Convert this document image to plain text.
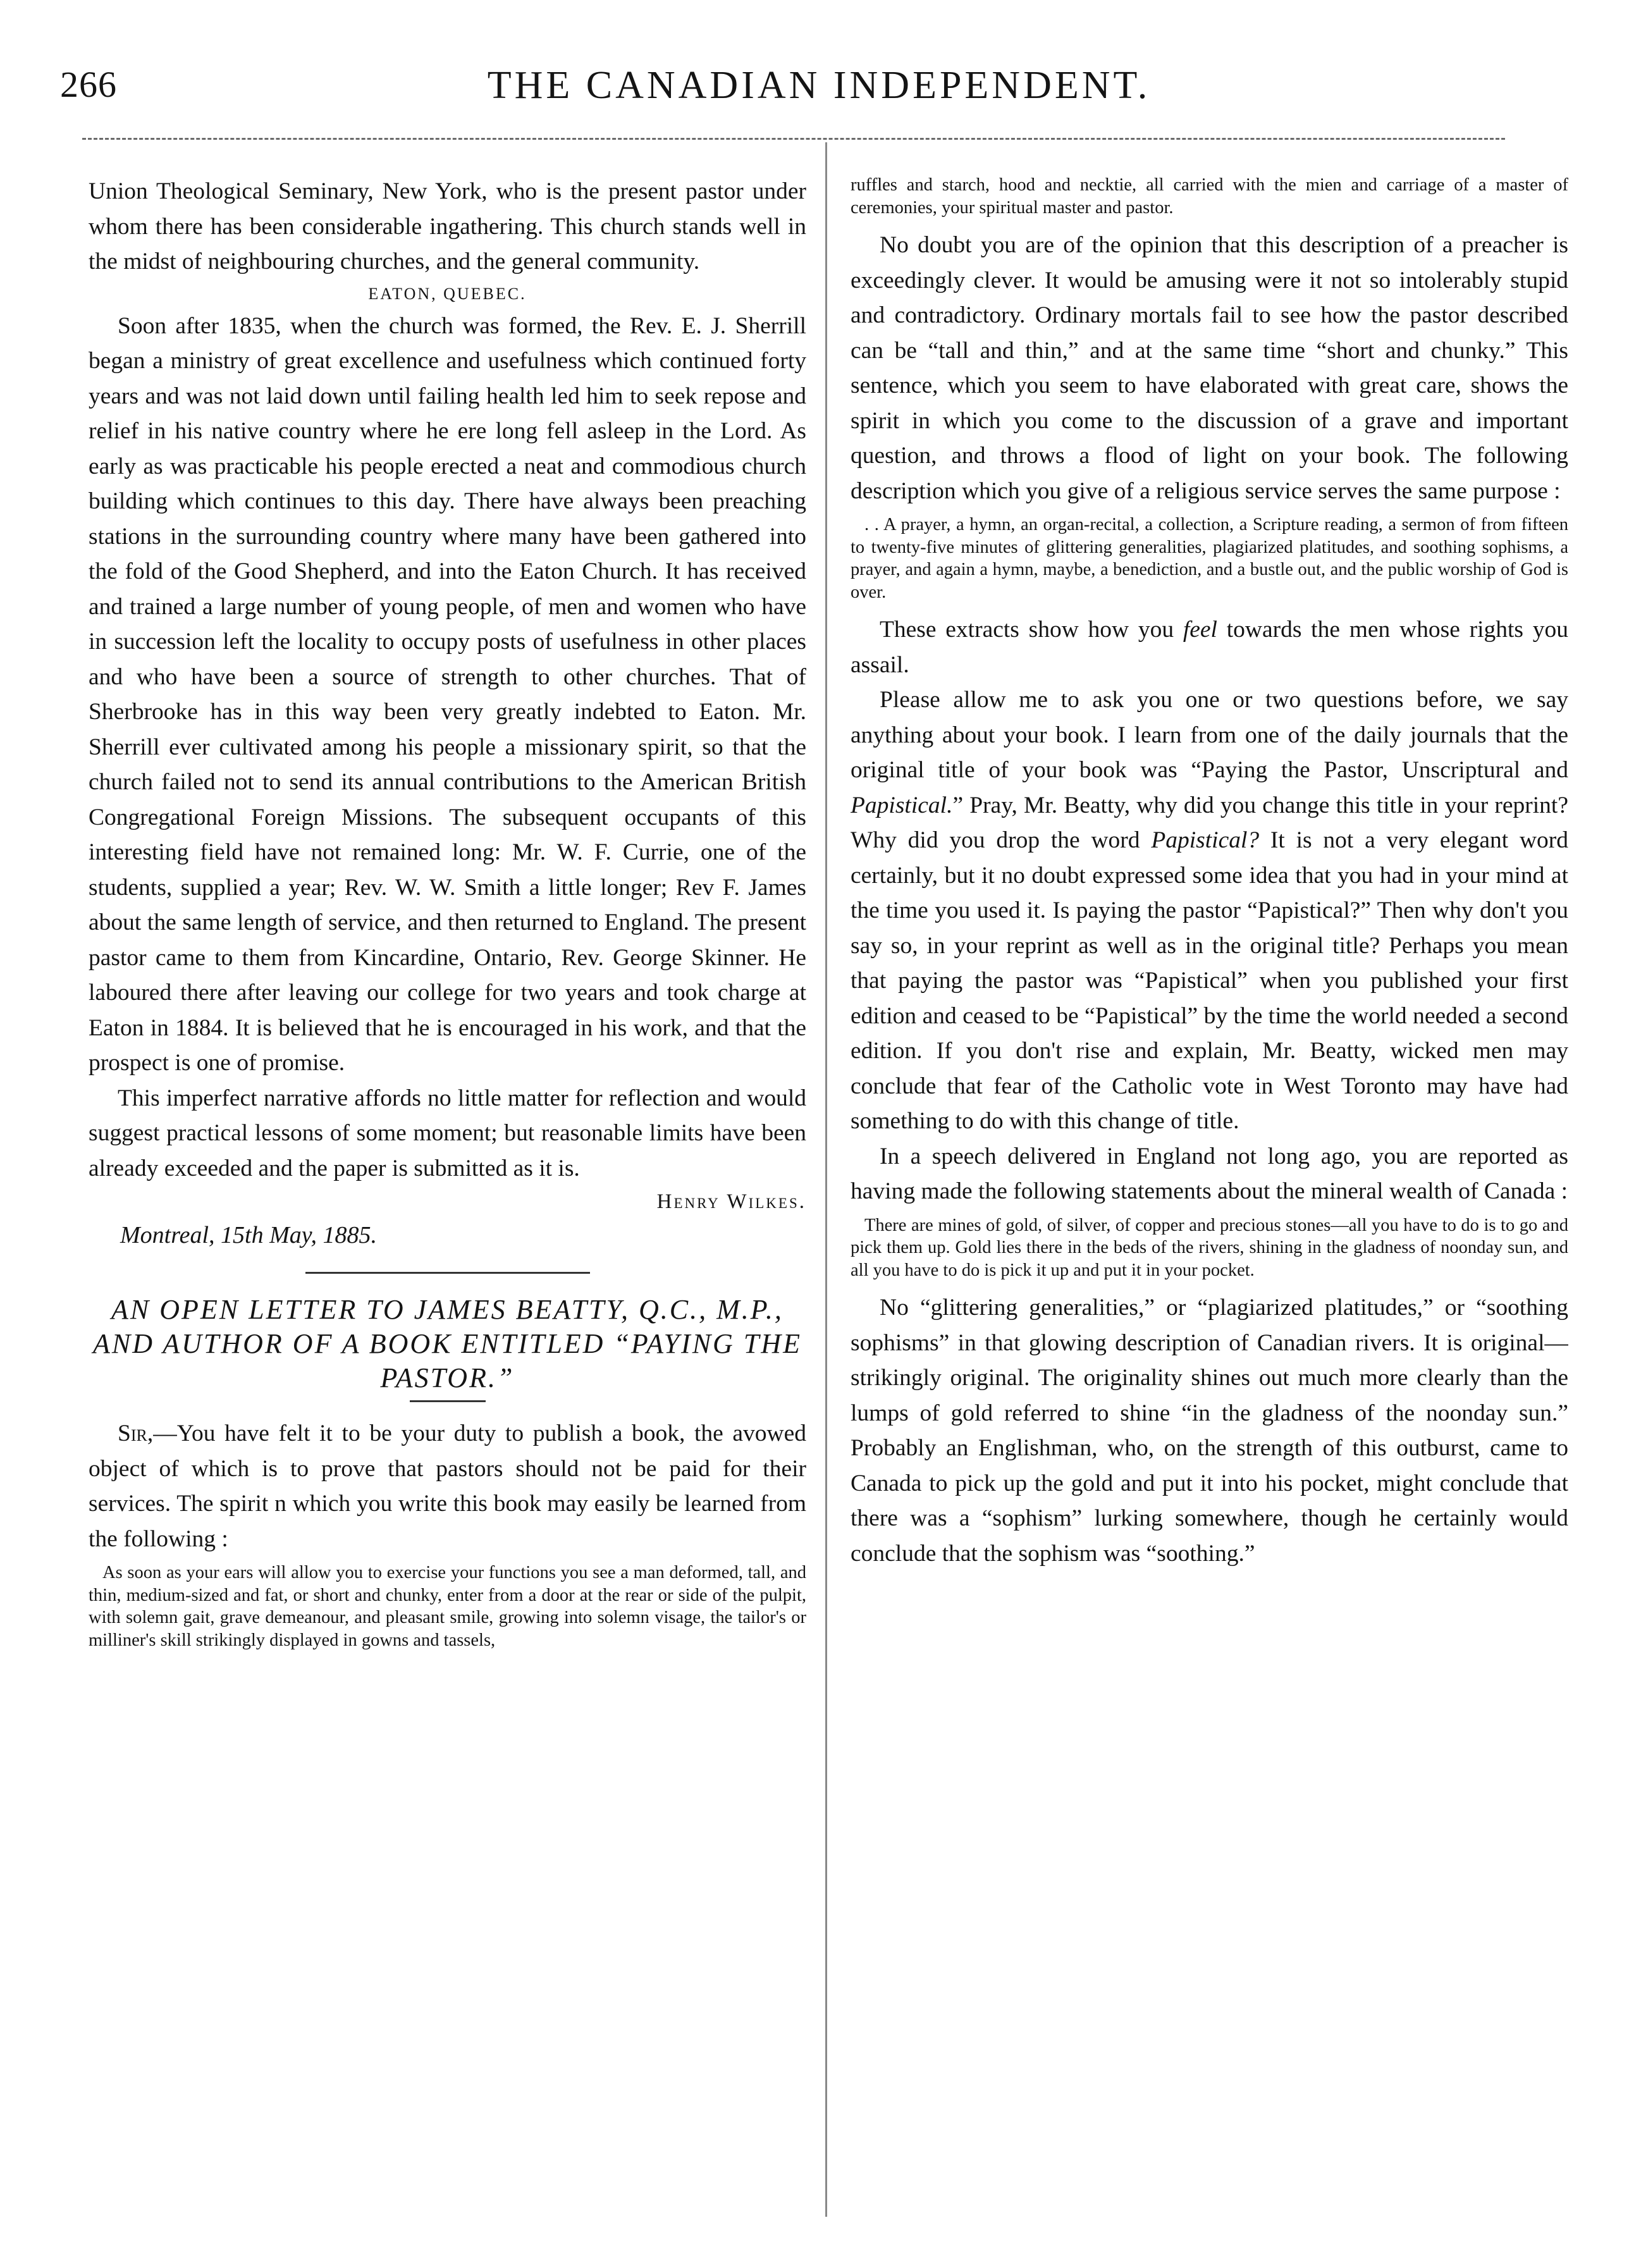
266	THE CANADIAN INDEPENDENT.

Union Theological Seminary, New York, who is the present pastor under whom there has been considerable ingathering. This church stands well in the midst of neighbouring churches, and the general community.

EATON, QUEBEC.

Soon after 1835, when the church was formed, the Rev. E. J. Sherrill began a ministry of great excellence and usefulness which continued forty years and was not laid down until failing health led him to seek repose and relief in his native country where he ere long fell asleep in the Lord. As early as was practicable his people erected a neat and commodious church building which continues to this day. There have always been preaching stations in the surrounding country where many have been gathered into the fold of the Good Shepherd, and into the Eaton Church. It has received and trained a large number of young people, of men and women who have in succession left the locality to occupy posts of usefulness in other places and who have been a source of strength to other churches. That of Sherbrooke has in this way been very greatly indebted to Eaton. Mr. Sherrill ever cultivated among his people a missionary spirit, so that the church failed not to send its annual contributions to the American British Congregational Foreign Missions. The subsequent occupants of this interesting field have not remained long: Mr. W. F. Currie, one of the students, supplied a year; Rev. W. W. Smith a little longer; Rev F. James about the same length of service, and then returned to England. The present pastor came to them from Kincardine, Ontario, Rev. George Skinner. He laboured there after leaving our college for two years and took charge at Eaton in 1884. It is believed that he is encouraged in his work, and that the prospect is one of promise.

This imperfect narrative affords no little matter for reflection and would suggest practical lessons of some moment; but reasonable limits have been already exceeded and the paper is submitted as it is.

Henry Wilkes.
Montreal, 15th May, 1885.
AN OPEN LETTER TO JAMES BEATTY, Q.C., M.P., AND AUTHOR OF A BOOK ENTITLED “PAYING THE PASTOR.”

Sir,—You have felt it to be your duty to publish a book, the avowed object of which is to prove that pastors should not be paid for their services. The spirit n which you write this book may easily be learned from the following :

As soon as your ears will allow you to exercise your functions you see a man deformed, tall, and thin, medium-sized and fat, or short and chunky, enter from a door at the rear or side of the pulpit, with solemn gait, grave demeanour, and pleasant smile, growing into solemn visage, the tailor's or milliner's skill strikingly displayed in gowns and tassels,

ruffles and starch, hood and necktie, all carried with the mien and carriage of a master of ceremonies, your spiritual master and pastor.

No doubt you are of the opinion that this description of a preacher is exceedingly clever. It would be amusing were it not so intolerably stupid and contradictory. Ordinary mortals fail to see how the pastor described can be “tall and thin,” and at the same time “short and chunky.” This sentence, which you seem to have elaborated with great care, shows the spirit in which you come to the discussion of a grave and important question, and throws a flood of light on your book. The following description which you give of a religious service serves the same purpose :

. . A prayer, a hymn, an organ-recital, a collection, a Scripture reading, a sermon of from fifteen to twenty-five minutes of glittering generalities, plagiarized platitudes, and soothing sophisms, a prayer, and again a hymn, maybe, a benediction, and a bustle out, and the public worship of God is over.

These extracts show how you feel towards the men whose rights you assail.

Please allow me to ask you one or two questions before, we say anything about your book. I learn from one of the daily journals that the original title of your book was “Paying the Pastor, Unscriptural and Papistical.” Pray, Mr. Beatty, why did you change this title in your reprint? Why did you drop the word Papistical? It is not a very elegant word certainly, but it no doubt expressed some idea that you had in your mind at the time you used it. Is paying the pastor “Papistical?” Then why don't you say so, in your reprint as well as in the original title? Perhaps you mean that paying the pastor was “Papistical” when you published your first edition and ceased to be “Papistical” by the time the world needed a second edition. If you don't rise and explain, Mr. Beatty, wicked men may conclude that fear of the Catholic vote in West Toronto may have had something to do with this change of title.

In a speech delivered in England not long ago, you are reported as having made the following statements about the mineral wealth of Canada :

There are mines of gold, of silver, of copper and precious stones—all you have to do is to go and pick them up. Gold lies there in the beds of the rivers, shining in the gladness of noonday sun, and all you have to do is pick it up and put it in your pocket.

No “glittering generalities,” or “plagiarized platitudes,” or “soothing sophisms” in that glowing description of Canadian rivers. It is original—strikingly original. The originality shines out much more clearly than the lumps of gold referred to shine “in the gladness of the noonday sun.” Probably an Englishman, who, on the strength of this outburst, came to Canada to pick up the gold and put it into his pocket, might conclude that there was a “sophism” lurking somewhere, though he certainly would conclude that the sophism was “soothing.”
